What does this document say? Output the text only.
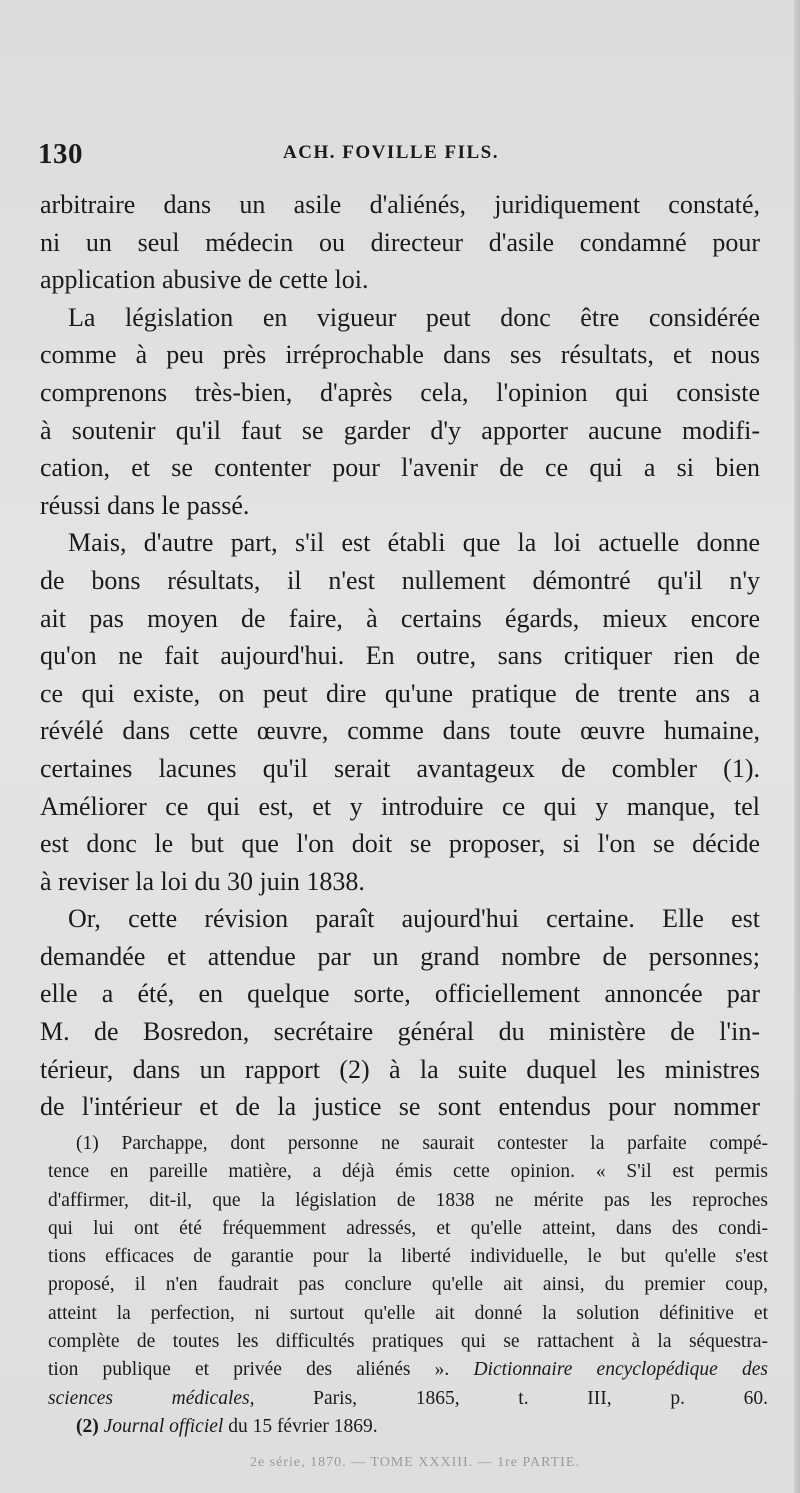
130	ACH. FOVILLE FILS.
arbitraire dans un asile d'aliénés, juridiquement constaté,
ni un seul médecin ou directeur d'asile condamné pour
application abusive de cette loi.
La législation en vigueur peut donc être considérée
comme à peu près irréprochable dans ses résultats, et nous
comprenons très-bien, d'après cela, l'opinion qui consiste
à soutenir qu'il faut se garder d'y apporter aucune modifi-
cation, et se contenter pour l'avenir de ce qui a si bien
réussi dans le passé.
Mais, d'autre part, s'il est établi que la loi actuelle donne
de bons résultats, il n'est nullement démontré qu'il n'y
ait pas moyen de faire, à certains égards, mieux encore
qu'on ne fait aujourd'hui. En outre, sans critiquer rien de
ce qui existe, on peut dire qu'une pratique de trente ans a
révélé dans cette œuvre, comme dans toute œuvre humaine,
certaines lacunes qu'il serait avantageux de combler (1).
Améliorer ce qui est, et y introduire ce qui y manque, tel
est donc le but que l'on doit se proposer, si l'on se décide
à reviser la loi du 30 juin 1838.
Or, cette révision paraît aujourd'hui certaine. Elle est
demandée et attendue par un grand nombre de personnes;
elle a été, en quelque sorte, officiellement annoncée par
M. de Bosredon, secrétaire général du ministère de l'in-
térieur, dans un rapport (2) à la suite duquel les ministres
de l'intérieur et de la justice se sont entendus pour nommer
(1) Parchappe, dont personne ne saurait contester la parfaite compé-
tence en pareille matière, a déjà émis cette opinion. « S'il est permis
d'affirmer, dit-il, que la législation de 1838 ne mérite pas les reproches
qui lui ont été fréquemment adressés, et qu'elle atteint, dans des condi-
tions efficaces de garantie pour la liberté individuelle, le but qu'elle s'est
proposé, il n'en faudrait pas conclure qu'elle ait ainsi, du premier coup,
atteint la perfection, ni surtout qu'elle ait donné la solution définitive et
complète de toutes les difficultés pratiques qui se rattachent à la séquestra-
tion publique et privée des aliénés ». Dictionnaire encyclopédique des
sciences médicales, Paris, 1865, t. III, p. 60.
(2) Journal officiel du 15 février 1869.
2e série, 1870. — TOME XXXIII. — 1re PARTIE.
